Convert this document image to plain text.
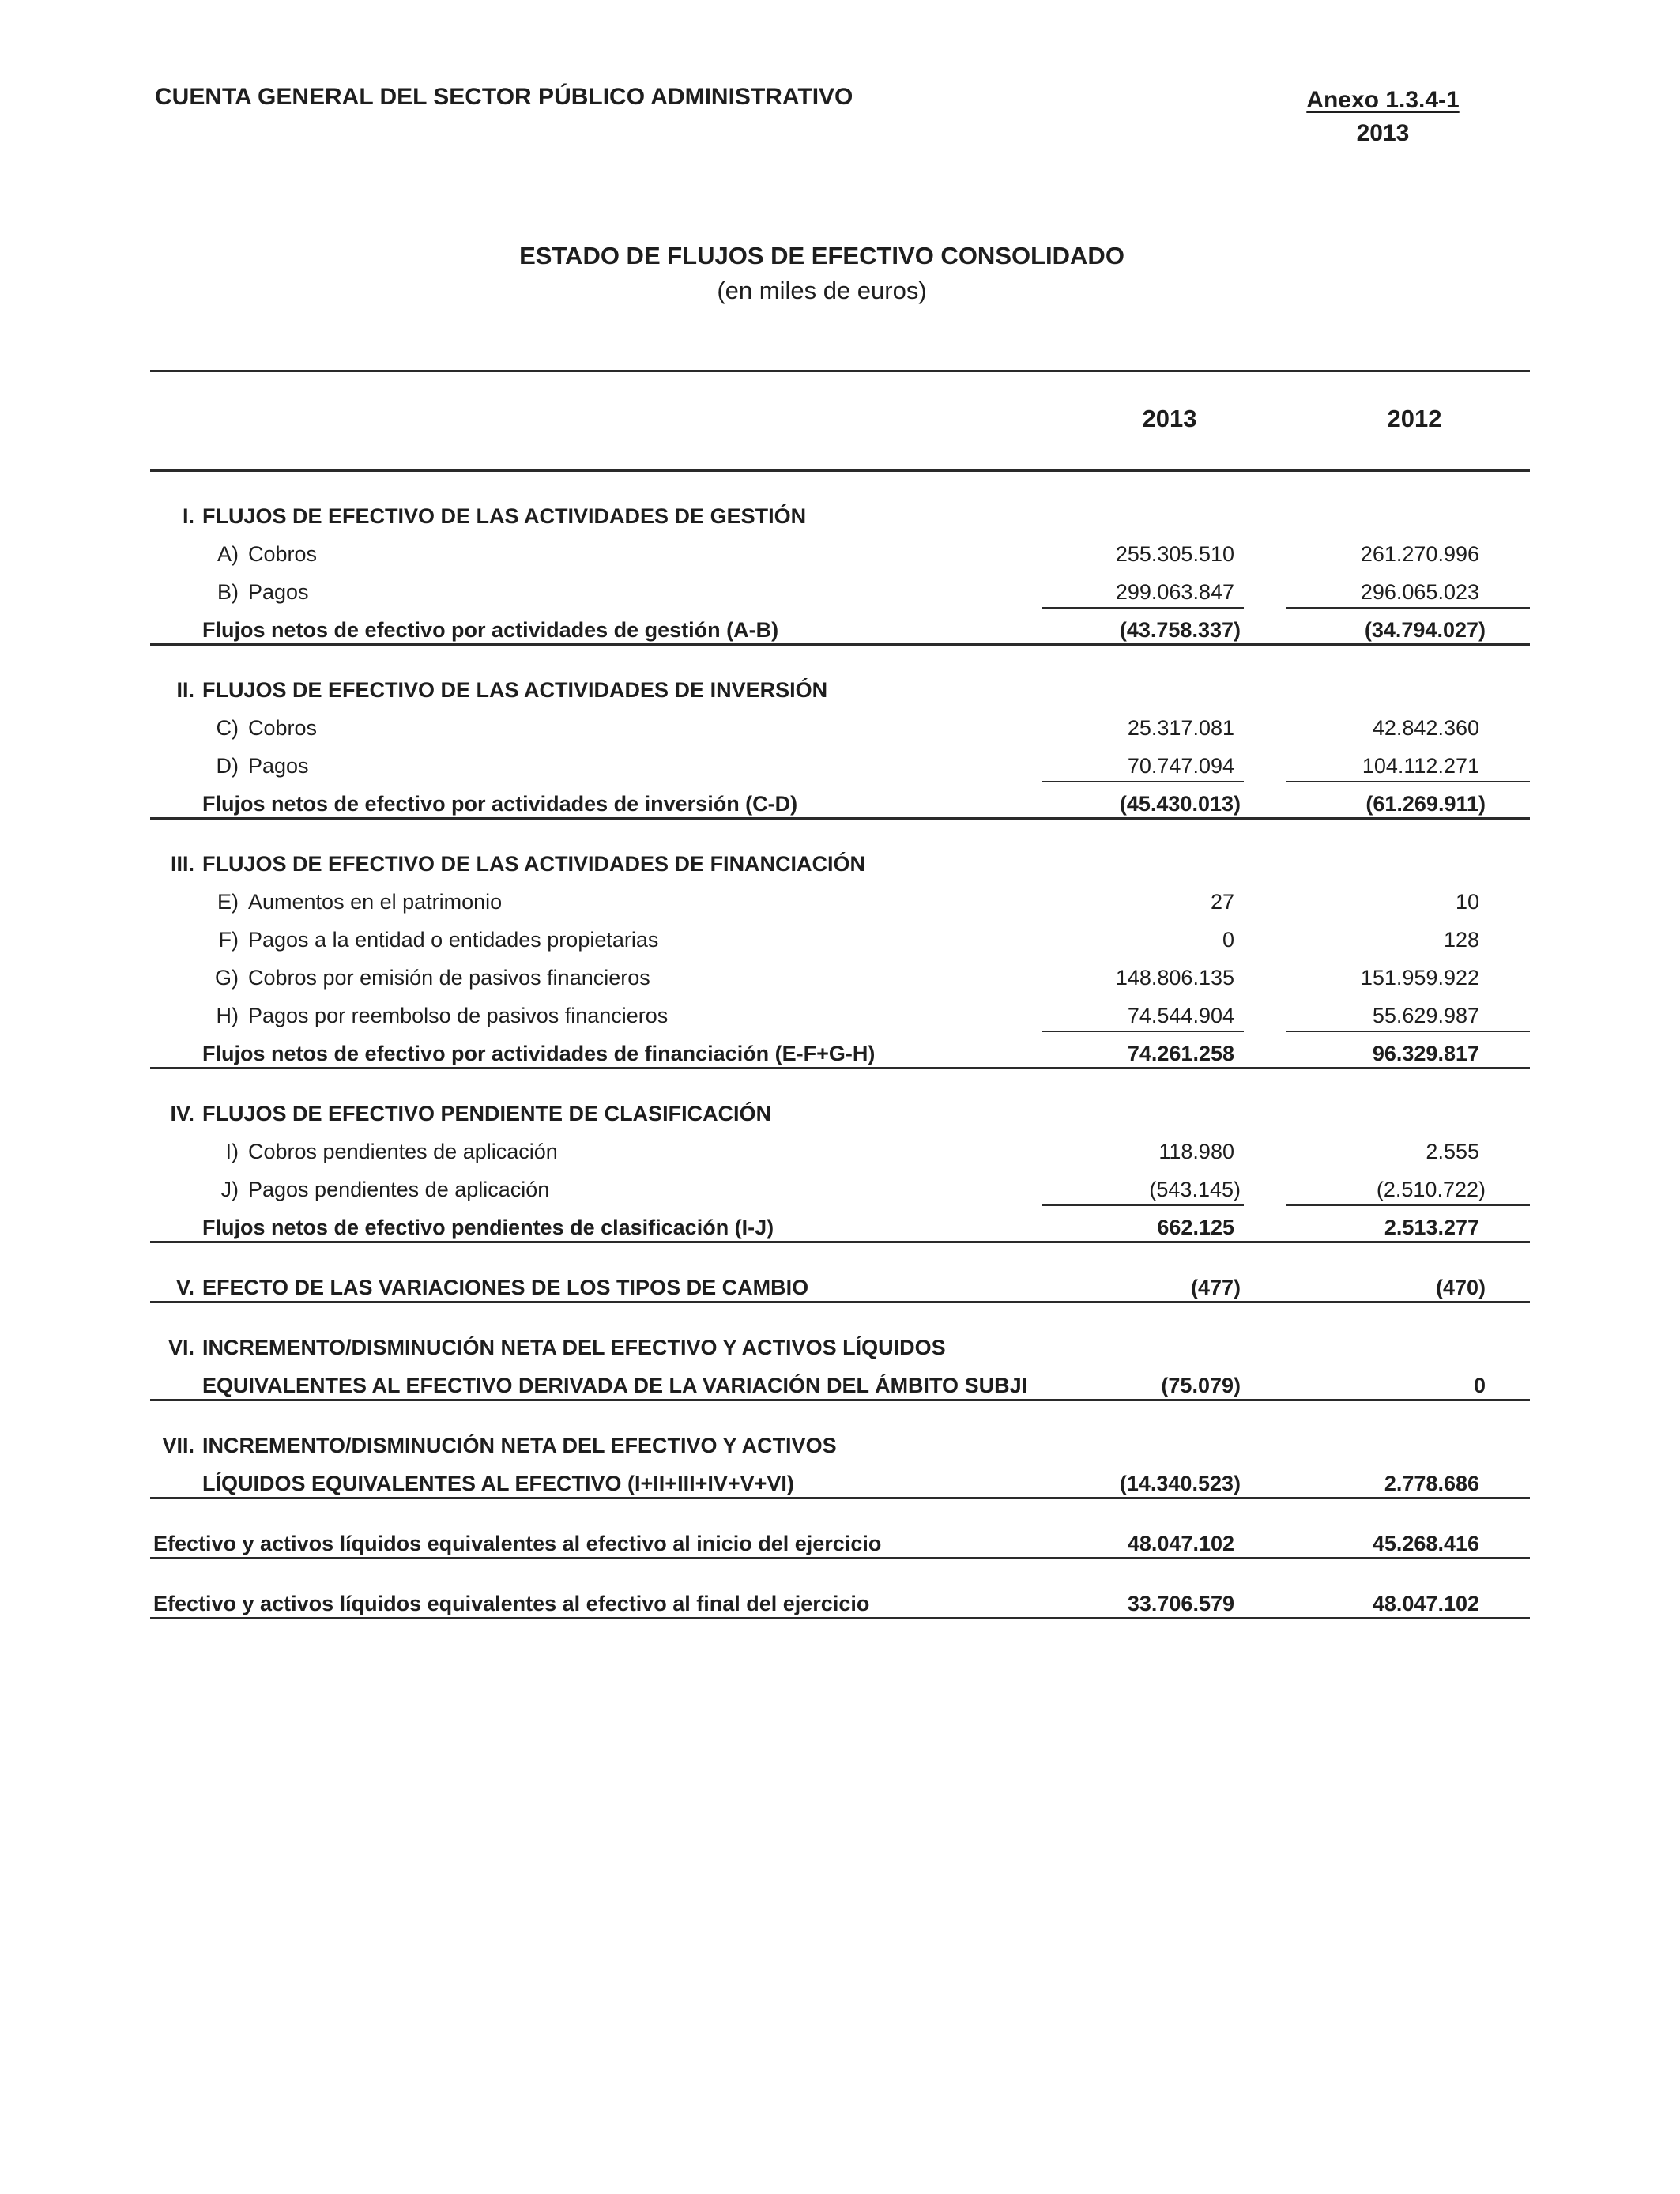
CUENTA GENERAL DEL SECTOR PÚBLICO ADMINISTRATIVO	Anexo 1.3.4-1
2013
ESTADO DE FLUJOS DE EFECTIVO CONSOLIDADO
(en miles de euros)
2013	2012
I. FLUJOS DE EFECTIVO DE LAS ACTIVIDADES DE GESTIÓN
A) Cobros	255.305.510	261.270.996
B) Pagos	299.063.847	296.065.023
Flujos netos de efectivo por actividades de gestión (A-B)	(43.758.337)	(34.794.027)
II. FLUJOS DE EFECTIVO DE LAS ACTIVIDADES DE INVERSIÓN
C) Cobros	25.317.081	42.842.360
D) Pagos	70.747.094	104.112.271
Flujos netos de efectivo por actividades de inversión (C-D)	(45.430.013)	(61.269.911)
III. FLUJOS DE EFECTIVO DE LAS ACTIVIDADES DE FINANCIACIÓN
E) Aumentos en el patrimonio	27	10
F) Pagos a la entidad o entidades propietarias	0	128
G) Cobros por emisión de pasivos financieros	148.806.135	151.959.922
H) Pagos por reembolso de pasivos financieros	74.544.904	55.629.987
Flujos netos de efectivo por actividades de financiación (E-F+G-H)	74.261.258	96.329.817
IV. FLUJOS DE EFECTIVO PENDIENTE DE CLASIFICACIÓN
I) Cobros pendientes de aplicación	118.980	2.555
J) Pagos pendientes de aplicación	(543.145)	(2.510.722)
Flujos netos de efectivo pendientes de clasificación (I-J)	662.125	2.513.277
V. EFECTO DE LAS VARIACIONES DE LOS TIPOS DE CAMBIO	(477)	(470)
VI. INCREMENTO/DISMINUCIÓN NETA DEL EFECTIVO Y ACTIVOS LÍQUIDOS
EQUIVALENTES AL EFECTIVO DERIVADA DE LA VARIACIÓN DEL ÁMBITO SUBJI	(75.079)	0
VII. INCREMENTO/DISMINUCIÓN NETA DEL EFECTIVO Y ACTIVOS
LÍQUIDOS EQUIVALENTES AL EFECTIVO (I+II+III+IV+V+VI)	(14.340.523)	2.778.686
Efectivo y activos líquidos equivalentes al efectivo al inicio del ejercicio	48.047.102	45.268.416
Efectivo y activos líquidos equivalentes al efectivo al final del ejercicio	33.706.579	48.047.102
